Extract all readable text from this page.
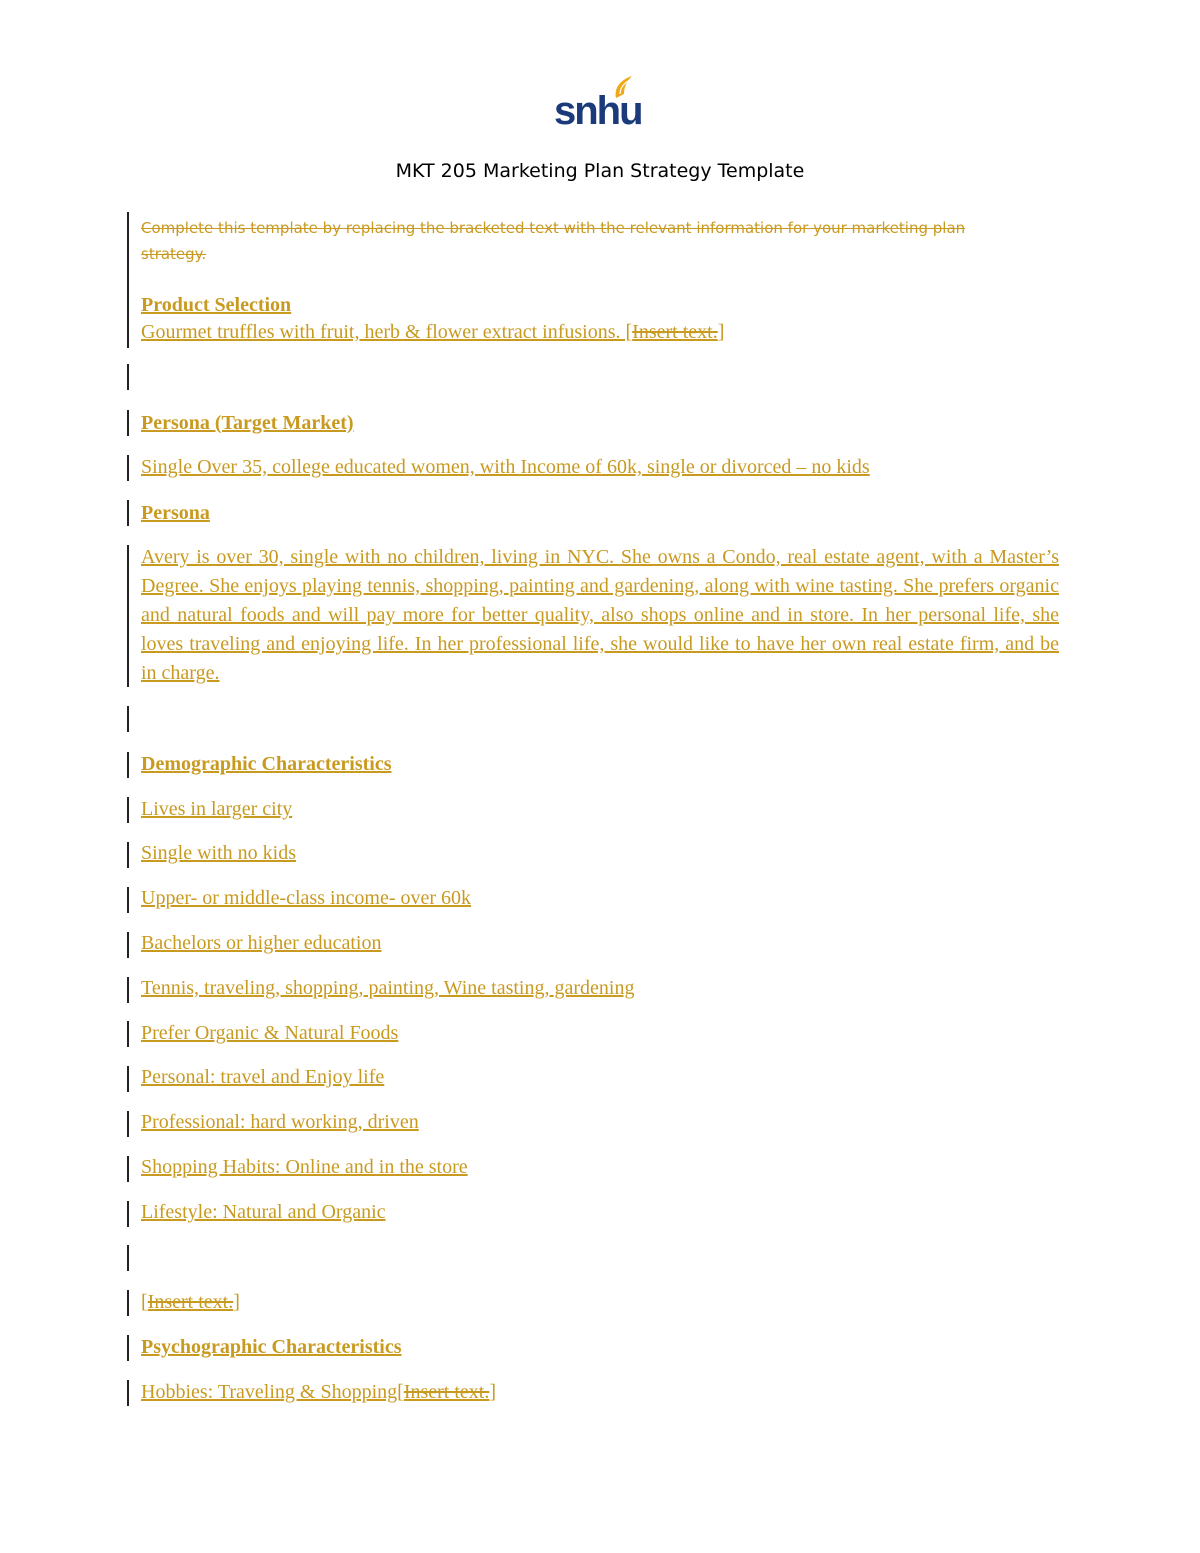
snhu
MKT 205 Marketing Plan Strategy Template
Complete this template by replacing the bracketed text with the relevant information for your marketing plan strategy.
Product Selection
Gourmet truffles with fruit, herb & flower extract infusions. [Insert text.]
Persona (Target Market)
Single Over 35, college educated women, with Income of 60k, single or divorced – no kids
Persona
Avery is over 30, single with no children, living in NYC. She owns a Condo, real estate agent, with a Master’s Degree. She enjoys playing tennis, shopping, painting and gardening, along with wine tasting. She prefers organic and natural foods and will pay more for better quality, also shops online and in store. In her personal life, she loves traveling and enjoying life. In her professional life, she would like to have her own real estate firm, and be in charge.
Demographic Characteristics
Lives in larger city
Single with no kids
Upper- or middle-class income- over 60k
Bachelors or higher education
Tennis, traveling, shopping, painting, Wine tasting, gardening
Prefer Organic & Natural Foods
Personal: travel and Enjoy life
Professional: hard working, driven
Shopping Habits: Online and in the store
Lifestyle: Natural and Organic
[Insert text.]
Psychographic Characteristics
Hobbies: Traveling & Shopping[Insert text.]
